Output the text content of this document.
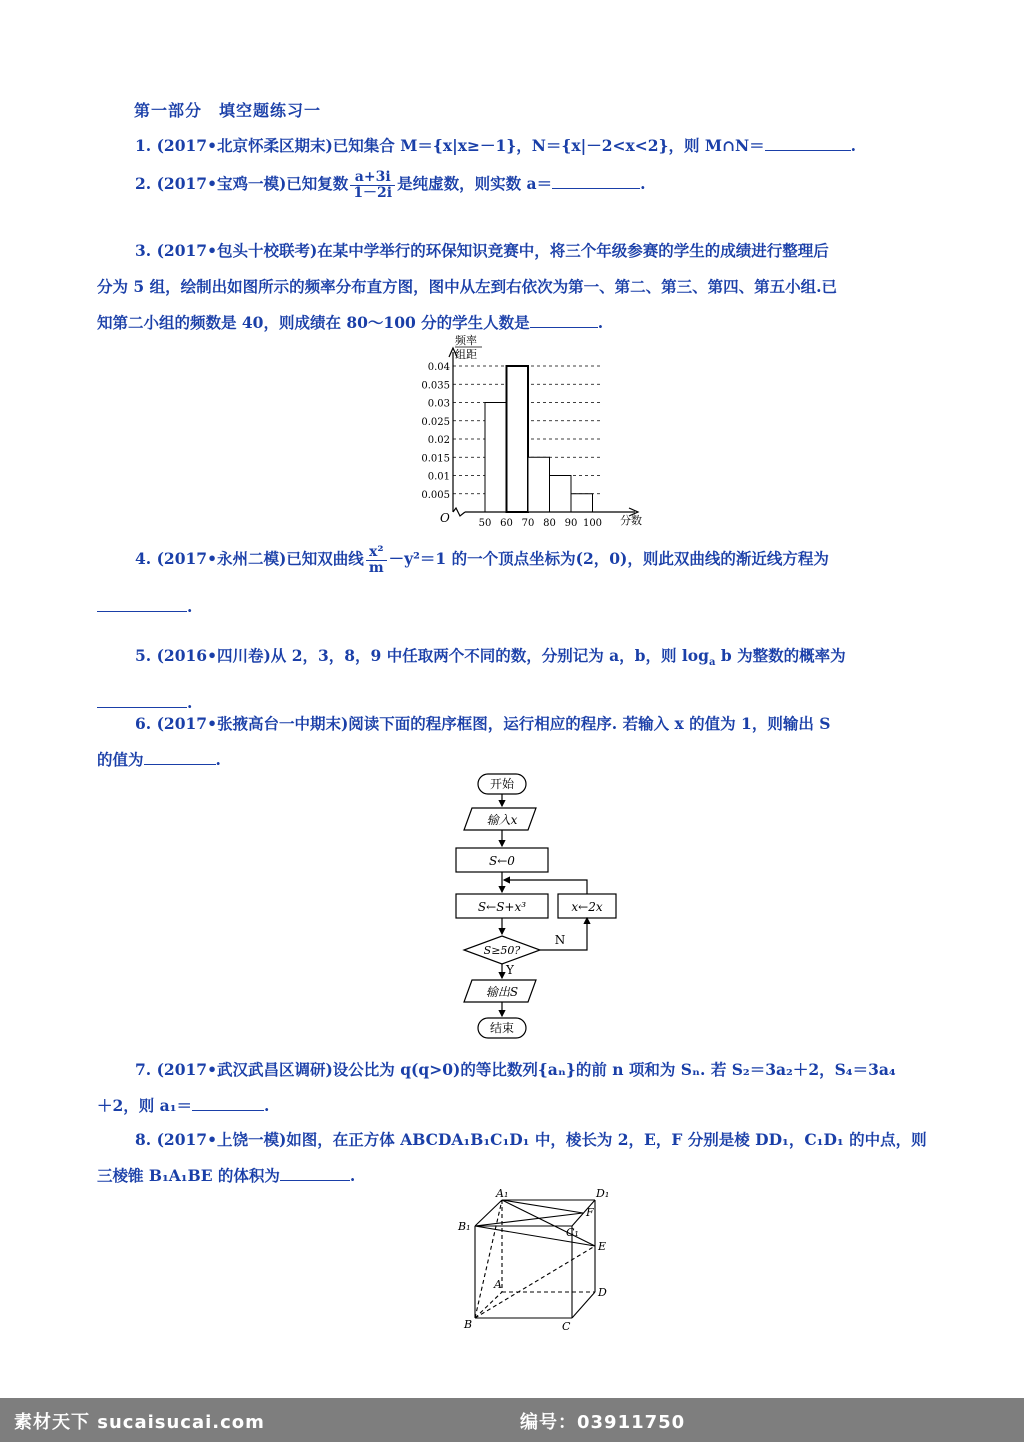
第一部分　填空题练习一
1. (2017•北京怀柔区期末)已知集合 M＝{x|x≥－1}，N＝{x|－2<x<2}，则 M∩N＝	.
2. (2017•宝鸡一模)已知复数 $\frac{a+3i}{1-2i}$ 是纯虚数，则实数 a＝	.
3. (2017•包头十校联考)在某中学举行的环保知识竞赛中，将三个年级参赛的学生的成绩进行整理后
分为 5 组，绘制出如图所示的频率分布直方图，图中从左到右依次为第一、第二、第三、第四、第五小组.已
知第二小组的频数是 40，则成绩在 80～100 分的学生人数是	.
频率
组距
O	分数
0.005
0.01
0.015
0.02
0.025
0.03
0.035
0.04
50 60 70 80 90 100
4. (2017•永州二模)已知双曲线 $\frac{\text{x²}}{m} -y^2=1$ 的一个顶点坐标为(2，0)，则此双曲线的渐近线方程为
.
5. (2016•四川卷)从 2，3，8，9 中任取两个不同的数，分别记为 a，b，则 $\log_a b$ 为整数的概率为
.
6. (2017•张掖高台一中期末)阅读下面的程序框图，运行相应的程序. 若输入 x 的值为 1，则输出 S
的值为	.
开始
输入x
S←0
S←S+x³	x←2x
S≥50?
N
Y
输出S
结束
7. (2017•武汉武昌区调研)设公比为 q(q>0)的等比数列{aₙ}的前 n 项和为 Sₙ. 若 S₂＝3a₂＋2，S₄＝3a₄
＋2，则 a₁＝	.
8. (2017•上饶一模)如图，在正方体 ABCDA₁B₁C₁D₁ 中，棱长为 2，E，F 分别是棱 DD₁，C₁D₁ 的中点，则
三棱锥 B₁A₁BE 的体积为	.
A₁	D₁
B₁	C₁
F
E
A
D
B	C
素材天下 sucaisucai.com	编号：03911750
